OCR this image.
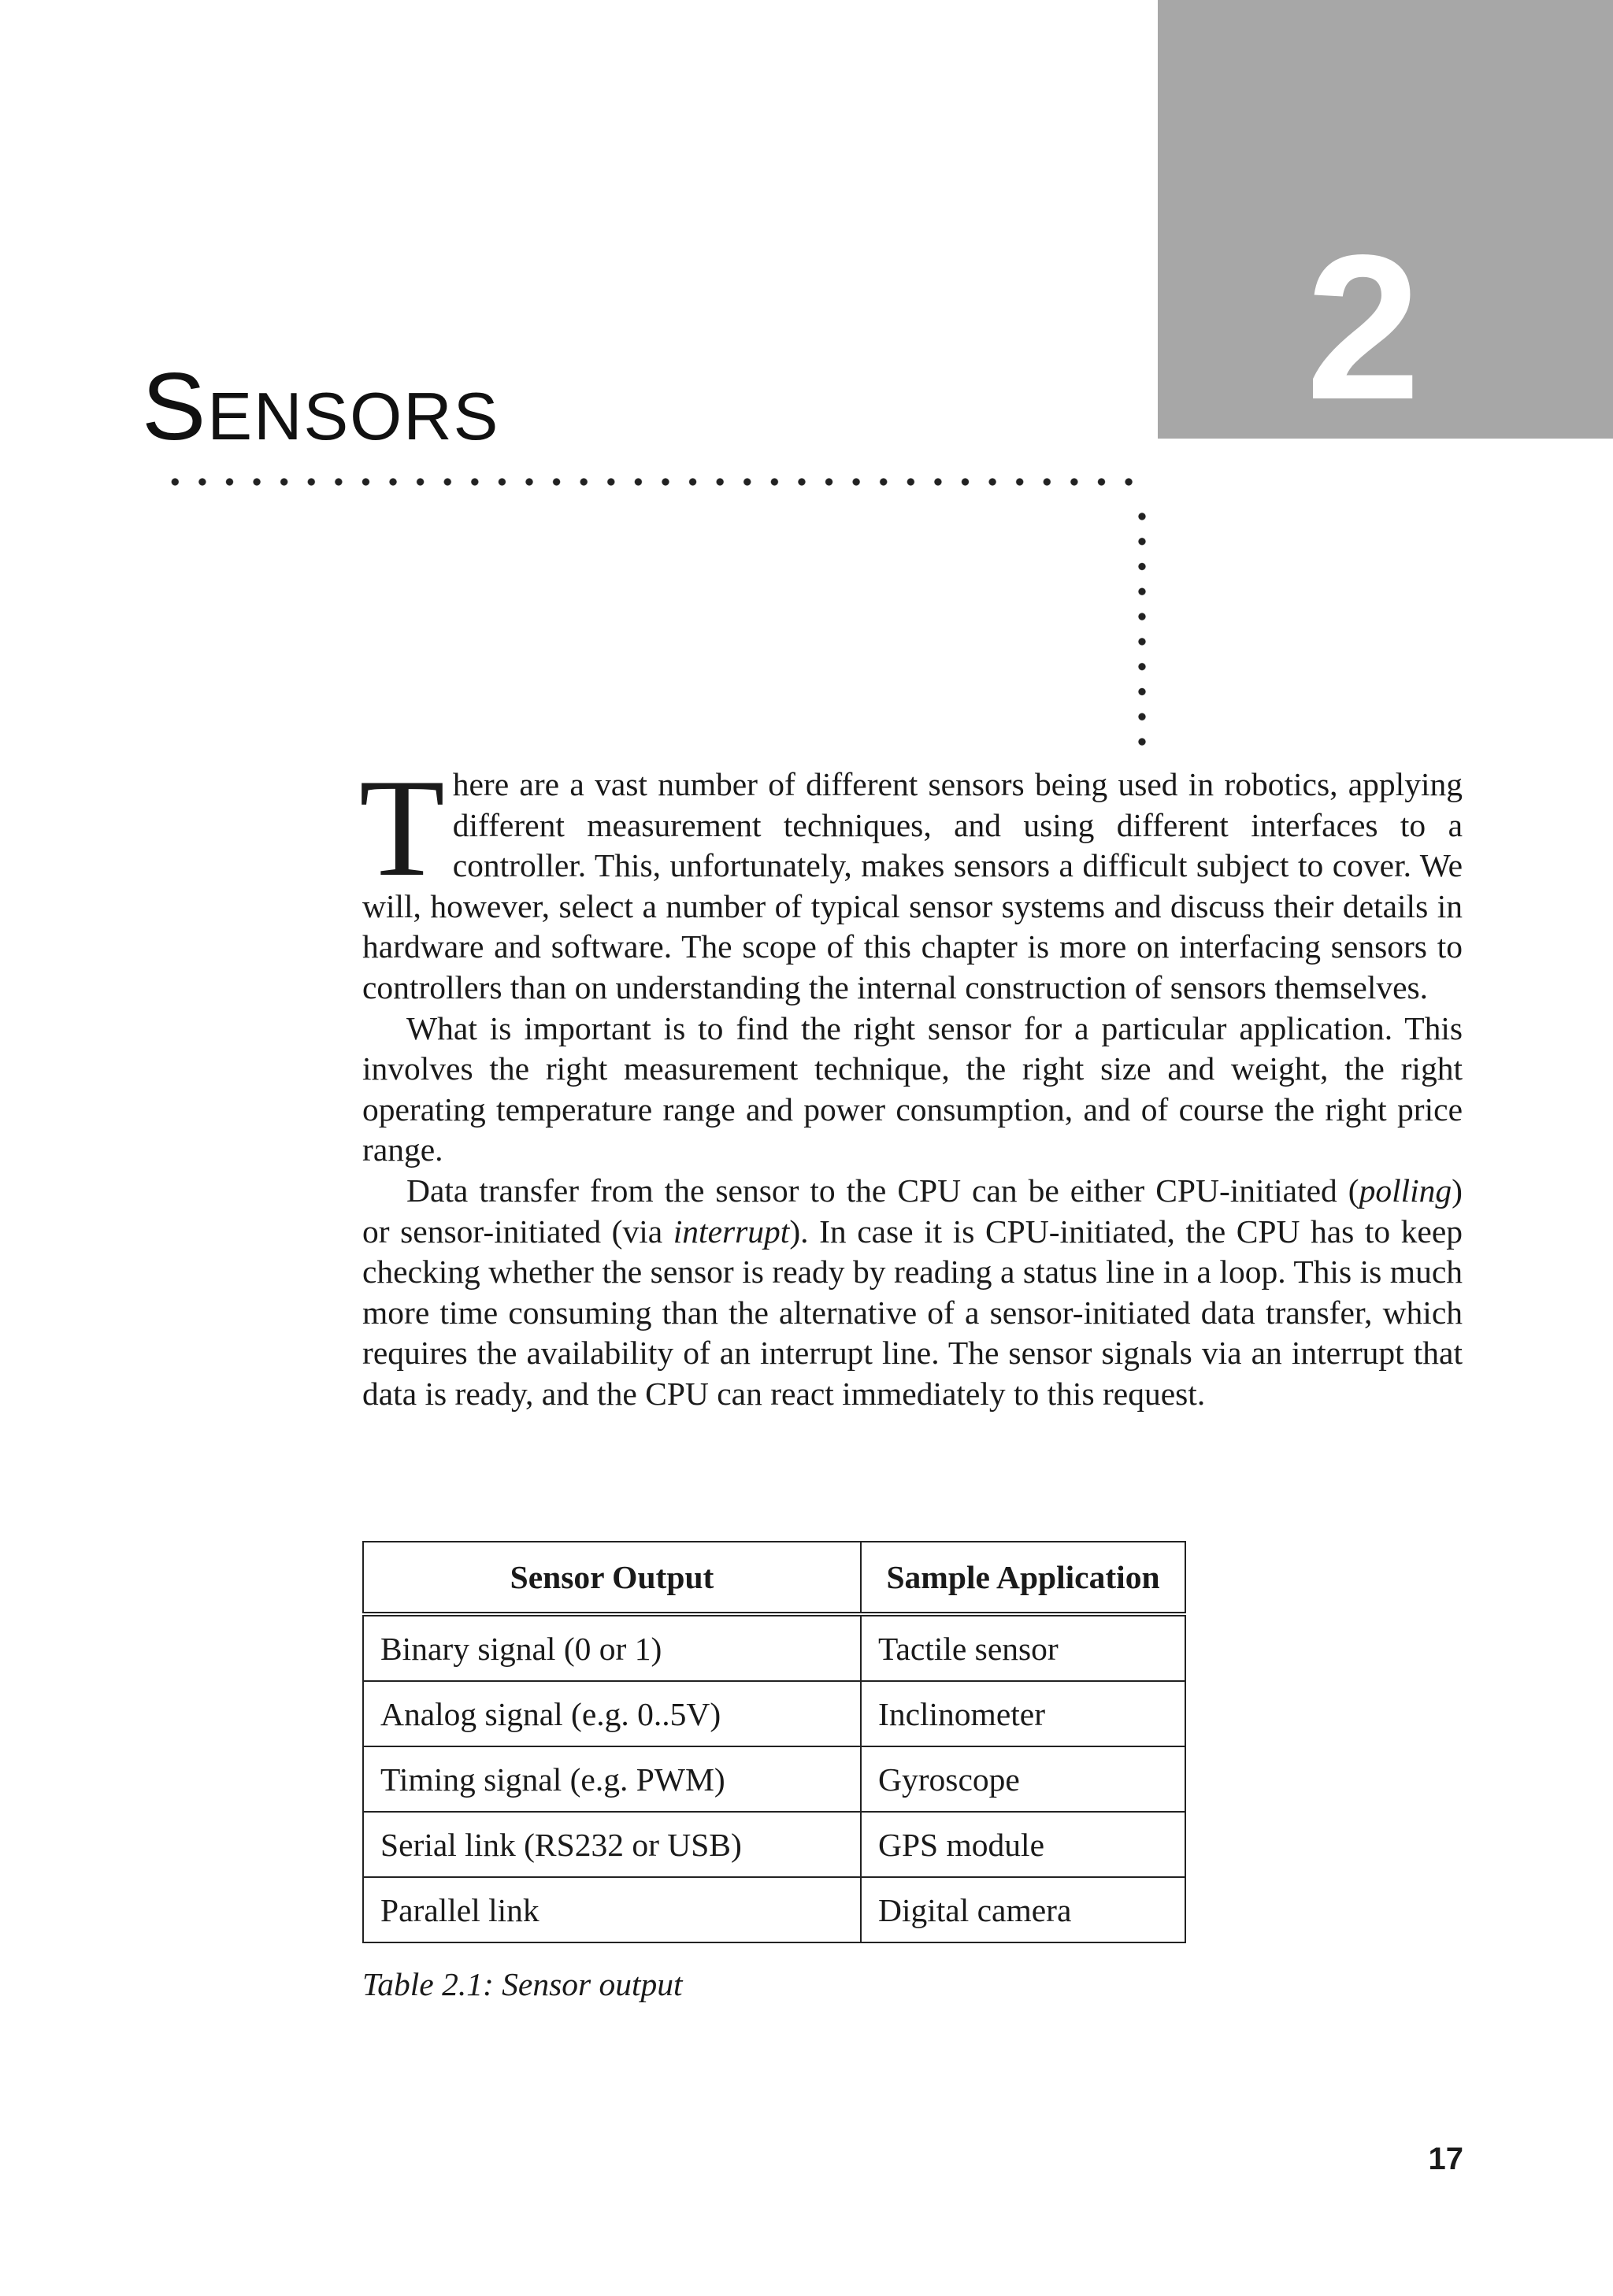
2
Sensors

There are a vast number of different sensors being used in robotics, applying different measurement techniques, and using different interfaces to a controller. This, unfortunately, makes sensors a difficult subject to cover. We will, however, select a number of typical sensor systems and discuss their details in hardware and software. The scope of this chapter is more on interfacing sensors to controllers than on understanding the internal construction of sensors themselves.

What is important is to find the right sensor for a particular application. This involves the right measurement technique, the right size and weight, the right operating temperature range and power consumption, and of course the right price range.

Data transfer from the sensor to the CPU can be either CPU-initiated (polling) or sensor-initiated (via interrupt). In case it is CPU-initiated, the CPU has to keep checking whether the sensor is ready by reading a status line in a loop. This is much more time consuming than the alternative of a sensor-initiated data transfer, which requires the availability of an interrupt line. The sensor signals via an interrupt that data is ready, and the CPU can react immediately to this request.

Sensor Output	Sample Application
Binary signal (0 or 1)	Tactile sensor
Analog signal (e.g. 0..5V)	Inclinometer
Timing signal (e.g. PWM)	Gyroscope
Serial link (RS232 or USB)	GPS module
Parallel link	Digital camera

Table 2.1: Sensor output

17
